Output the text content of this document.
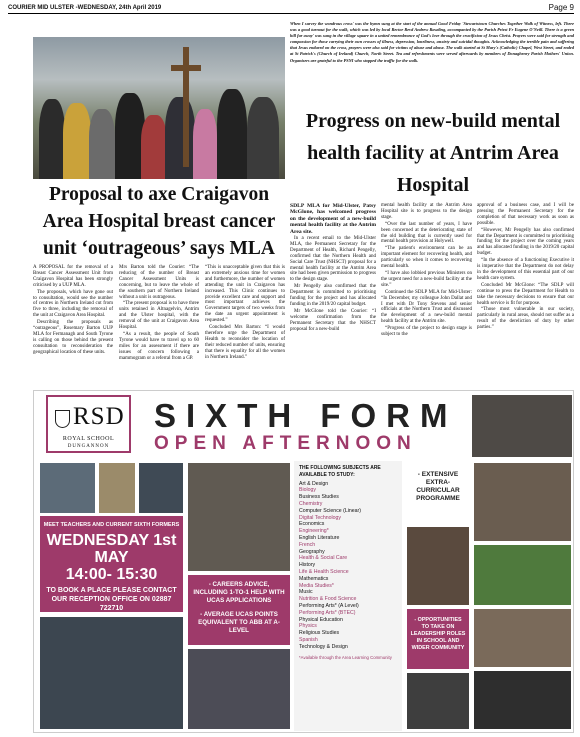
COURIER MID ULSTER -WEDNESDAY, 24th April 2019	Page 9
When I survey the wondrous cross' was the hymn sung at the start of the annual Good Friday 'Stewartstown Churches Together Walk of Witness, left. There was a good turnout for the walk, which was led by local Rector Revd Andrew Rawding, accompanied by the Parish Priest Fr Eugene O'Neill. There is a green hill far away' was sung in the village square in a united remembrance of God's love through the crucifixion of Jesus Christ. Prayers were said for strength and compassion for those carrying their own crosses of illness, depression, loneliness, anxiety and suicidal thoughts. Acknowledging the terrible pain and suffering that Jesus endured on the cross, prayers were also said for victims of abuse and abuse. The walk started at St Mary's (Catholic) Chapel, West Street, and ended at St Patrick's (Church of Ireland) Church, North Street. Tea and refreshments were served afterwards by members of Donaghenry Parish Mothers' Union. Organisers are grateful to the PSNI who stopped the traffic for the walk.
Progress on new-build mental health facility at Antrim Area Hospital

SDLP MLA for Mid-Ulster, Patsy McGlone, has welcomed progress on the development of a new-build mental health facility at the Antrim Area site.

In a recent email to the Mid-Ulster MLA, the Permanent Secretary for the Department of Health, Richard Pengelly, confirmed that the Northern Health and Social Care Trust (NHSCT) proposal for a mental health facility at the Antrim Area site had been given permission to progress to the design stage.

Mr Pengelly also confirmed that the Department is committed to prioritising funding for the project and has allocated funding in the 2019/20 capital budget.

Mr McGlone told the Courier: “I welcome confirmation from the Permanent Secretary that the NHSCT proposal for a new-build

mental health facility at the Antrim Area Hospital site is to progress to the design stage.

“Over the last number of years, I have been concerned at the deteriorating state of the old building that is currently used for mental health provision at Holywell.

“The patient's environment can be an important element for recovering health, and particularly so when it comes to recovering mental health.

“I have also lobbied previous Ministers on the urgent need for a new-build facility at the site.”

Continued the SDLP MLA for Mid-Ulster: “In December, my colleague John Dallat and I met with Dr Tony Stevens and senior officials at the Northern Trust and discussed the development of a new-build mental health facility at the Antrim site.

“Progress of the project to design stage is subject to the

approval of a business case, and I will be pressing the Permanent Secretary for the completion of that necessary work as soon as possible.

“However, Mr Pengelly has also confirmed that the Department is committed to prioritising funding for the project over the coming years and has allocated funding in the 2019/20 capital budget.

“In the absence of a functioning Executive it is imperative that the Department do not delay in the development of this essential part of our health care system.

Concluded Mr McGlone: “The SDLP will continue to press the Department for Health to take the necessary decisions to ensure that our health service is fit for purpose.

“Those most vulnerable in our society, particularly in rural areas, should not suffer as a result of the dereliction of duty by other parties.”

Proposal to axe Craigavon Area Hospital breast cancer unit ‘outrageous’ says MLA

A PROPOSAL for the removal of a Breast Cancer Assessment Unit from Craigavon Hospital has been strongly criticised by a UUP MLA.

The proposals, which have gone out to consultation, would see the number of centres in Northern Ireland cut from five to three, including the removal of the unit at Craigavon Area Hospital.

Describing the proposals as “outrageous”, Rosemary Barton UUP MLA for Fermanagh and South Tyrone is calling on those behind the present consultation to reconsideration the geographical location of these units.

Mrs Barton told the Courier: “The reducing of the number of Breast Cancer Assessment Units is concerning, but to leave the whole of the southern part of Northern Ireland without a unit is outrageous.

“The present proposal is to have three units retained in Altnagelvin, Antrim and the Ulster hospital, with the removal of the unit at Craigavon Area Hospital.

“As a result, the people of South Tyrone would have to travel up to 60 miles for an assessment if there are issues of concern following a mammogram or a referral from a GP.

“This is unacceptable given that this is an extremely anxious time for women and furthermore, the number of women attending the unit in Craigavon has increased. This Clinic continues to provide excellent care and support and most important achieves the Government targets of two weeks from the date an urgent appointment is requested.”

Concluded Mrs Barton: “I would therefore urge the Department of Health to reconsider the location of their reduced number of units, ensuring that there is equality for all the women in Northern Ireland.”

RSD
ROYAL SCHOOL
DUNGANNON
SIXTH FORM
OPEN AFTERNOON
MEET TEACHERS AND CURRENT SIXTH FORMERS
WEDNESDAY 1st MAY
14:00- 15:30
TO BOOK A PLACE PLEASE CONTACT OUR RECEPTION OFFICE ON 02887 722710
- CAREERS ADVICE, INCLUDING 1-TO-1 HELP WITH UCAS APPLICATIONS
- AVERAGE UCAS POINTS EQUIVALENT TO ABB AT A-LEVEL
THE FOLLOWING SUBJECTS ARE AVAILABLE TO STUDY:
Art & Design
Biology
Business Studies
Chemistry
Computer Science (Linear)
Digital Technology
Economics
Engineering*
English Literature
French
Geography
Health & Social Care
History
Life & Health Science
Mathematics
Media Studies*
Music
Nutrition & Food Science
Performing Arts* (A Level)
Performing Arts* (BTEC)
Physical Education
Physics
Religious Studies
Spanish
Technology & Design
*Available through the Area Learning Community
- EXTENSIVE EXTRA-CURRICULAR PROGRAMME
- OPPORTUNITIES TO TAKE ON LEADERSHIP ROLES IN SCHOOL AND WIDER COMMUNITY
